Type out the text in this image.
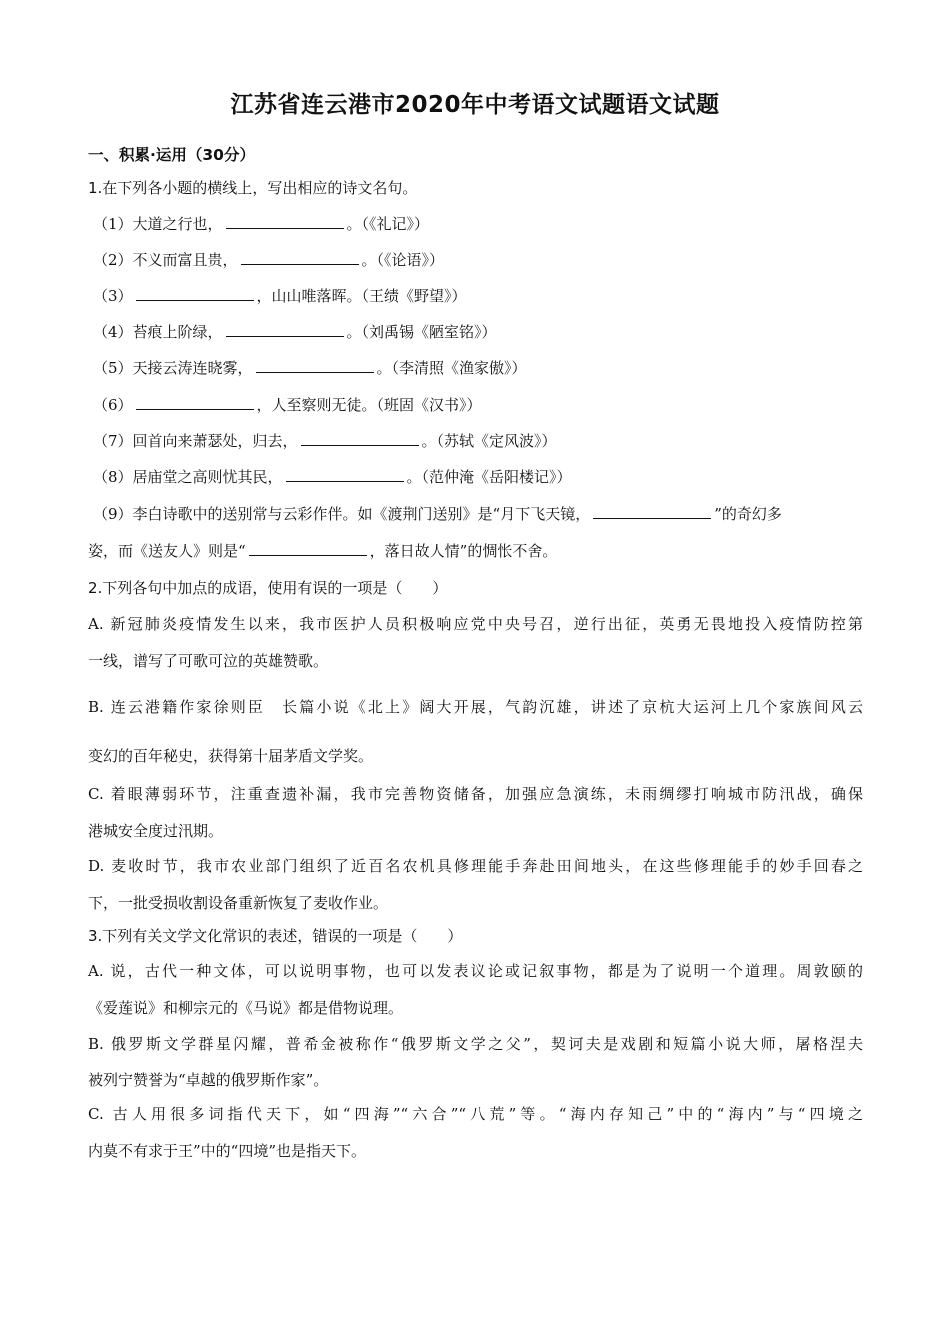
江苏省连云港市2020年中考语文试题语文试题
一、积累·运用（30分）
1.在下列各小题的横线上，写出相应的诗文名句。
（1）大道之行也，	。（《礼记》）
（2）不义而富且贵，	。（《论语》）
（3）	，山山唯落晖。（王绩《野望》）
（4）苔痕上阶绿，	。（刘禹锡《陋室铭》）
（5）天接云涛连晓雾，	。（李清照《渔家傲》）
（6）	，人至察则无徒。（班固《汉书》）
（7）回首向来萧瑟处，归去，	。（苏轼《定风波》）
（8）居庙堂之高则忧其民，	。（范仲淹《岳阳楼记》）
（9）李白诗歌中的送别常与云彩作伴。如《渡荆门送别》是“月下飞天镜，	”的奇幻多
姿，而《送友人》则是“	，落日故人情”的惆怅不舍。
2.下列各句中加点的成语，使用有误的一项是（　　）
A. 新冠肺炎疫情发生以来，我市医护人员积极响应党中央号召，逆行出征，英勇无畏地投入疫情防控第
一线，谱写了可歌可泣的英雄赞歌。
B. 连云港籍作家徐则臣　长篇小说《北上》阔大开展，气韵沉雄，讲述了京杭大运河上几个家族间风云
变幻的百年秘史，获得第十届茅盾文学奖。
C. 着眼薄弱环节，注重查遗补漏，我市完善物资储备，加强应急演练，未雨绸缪打响城市防汛战，确保
港城安全度过汛期。
D. 麦收时节，我市农业部门组织了近百名农机具修理能手奔赴田间地头，在这些修理能手的妙手回春之
下，一批受损收割设备重新恢复了麦收作业。
3.下列有关文学文化常识的表述，错误的一项是（　　）
A. 说，古代一种文体，可以说明事物，也可以发表议论或记叙事物，都是为了说明一个道理。周敦颐的
《爱莲说》和柳宗元的《马说》都是借物说理。
B. 俄罗斯文学群星闪耀，普希金被称作“俄罗斯文学之父”，契诃夫是戏剧和短篇小说大师，屠格涅夫
被列宁赞誉为“卓越的俄罗斯作家”。
C. 古人用很多词指代天下，如“四海”“六合”“八荒”等。“海内存知己”中的“海内”与“四境之
内莫不有求于王”中的“四境”也是指天下。
